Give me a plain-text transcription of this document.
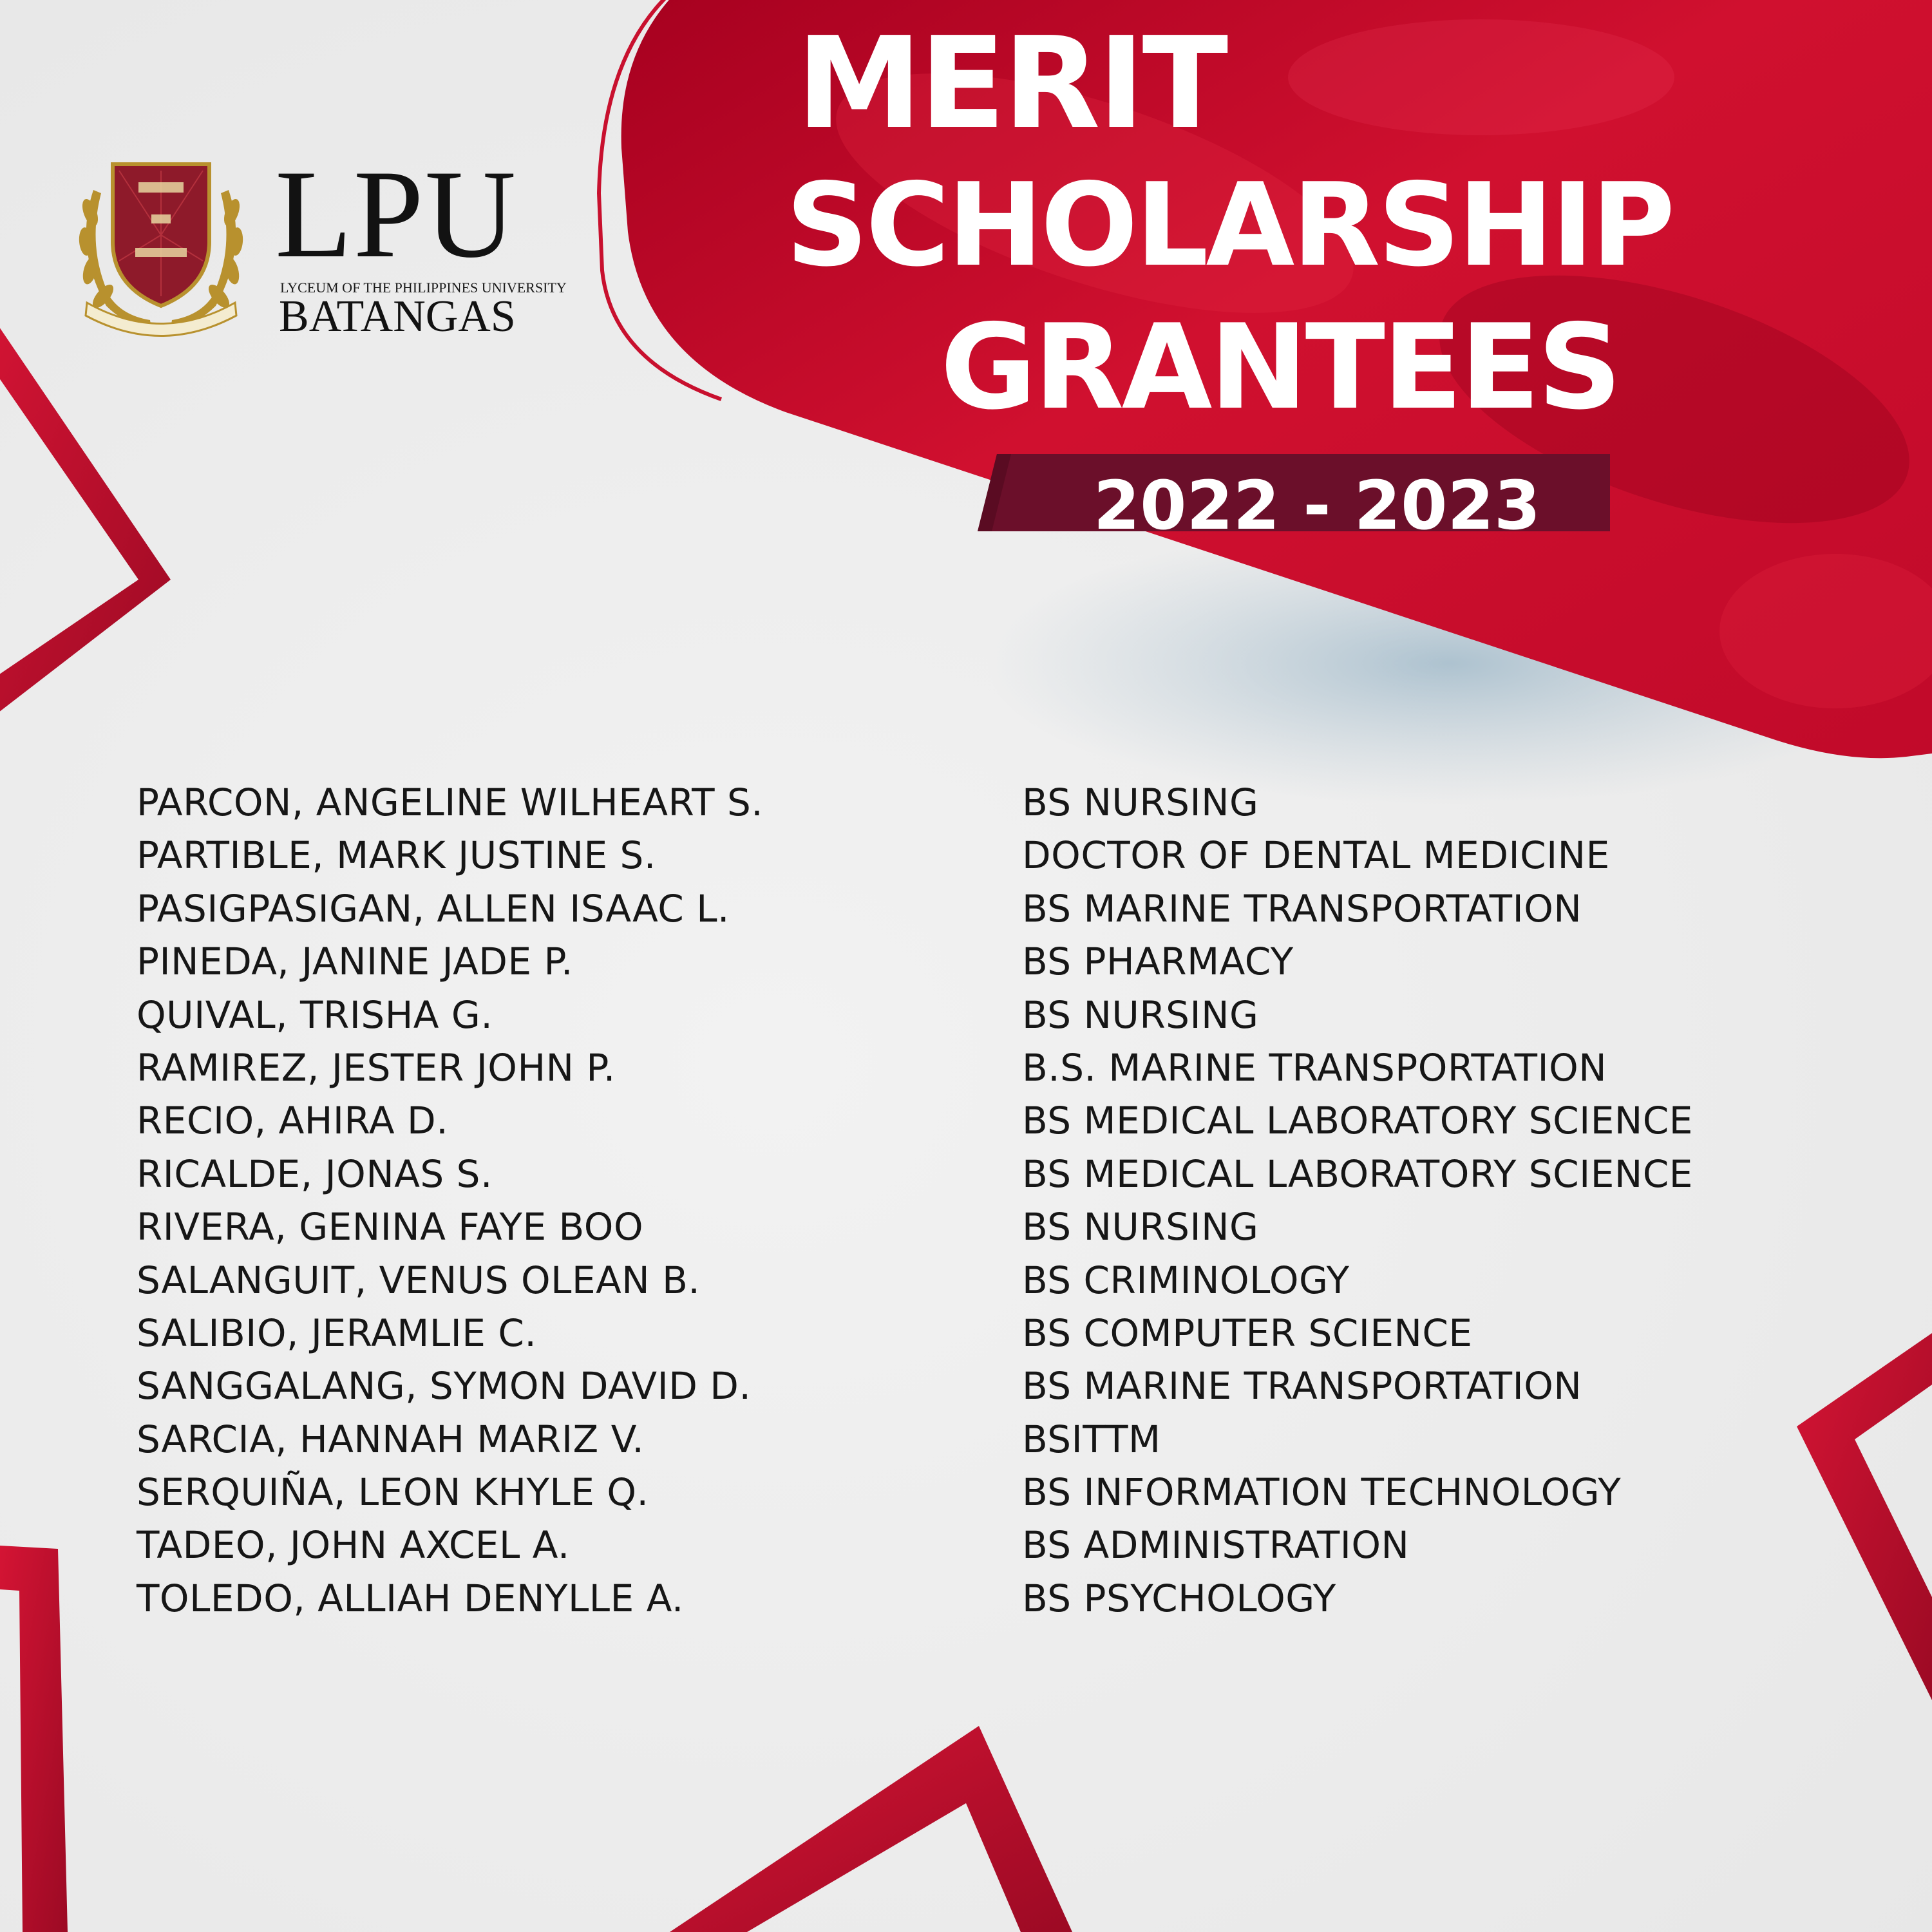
LPU

LYCEUM OF THE PHILIPPINES UNIVERSITY

BATANGAS

MERIT

SCHOLARSHIP

GRANTEES

2022 - 2023

PARCON, ANGELINE WILHEART S.	BS NURSING
PARTIBLE, MARK JUSTINE S.	DOCTOR OF DENTAL MEDICINE
PASIGPASIGAN, ALLEN ISAAC L.	BS MARINE TRANSPORTATION
PINEDA, JANINE JADE P.	BS PHARMACY
QUIVAL, TRISHA G.	BS NURSING
RAMIREZ, JESTER JOHN P.	B.S. MARINE TRANSPORTATION
RECIO, AHIRA D.	BS MEDICAL LABORATORY SCIENCE
RICALDE, JONAS S.	BS MEDICAL LABORATORY SCIENCE
RIVERA, GENINA FAYE BOO	BS NURSING
SALANGUIT, VENUS OLEAN B.	BS CRIMINOLOGY
SALIBIO, JERAMLIE C.	BS COMPUTER SCIENCE
SANGGALANG, SYMON DAVID D.	BS MARINE TRANSPORTATION
SARCIA, HANNAH MARIZ V.	BSITTM
SERQUIÑA, LEON KHYLE Q.	BS INFORMATION TECHNOLOGY
TADEO, JOHN AXCEL A.	BS ADMINISTRATION
TOLEDO, ALLIAH DENYLLE A.	BS PSYCHOLOGY
